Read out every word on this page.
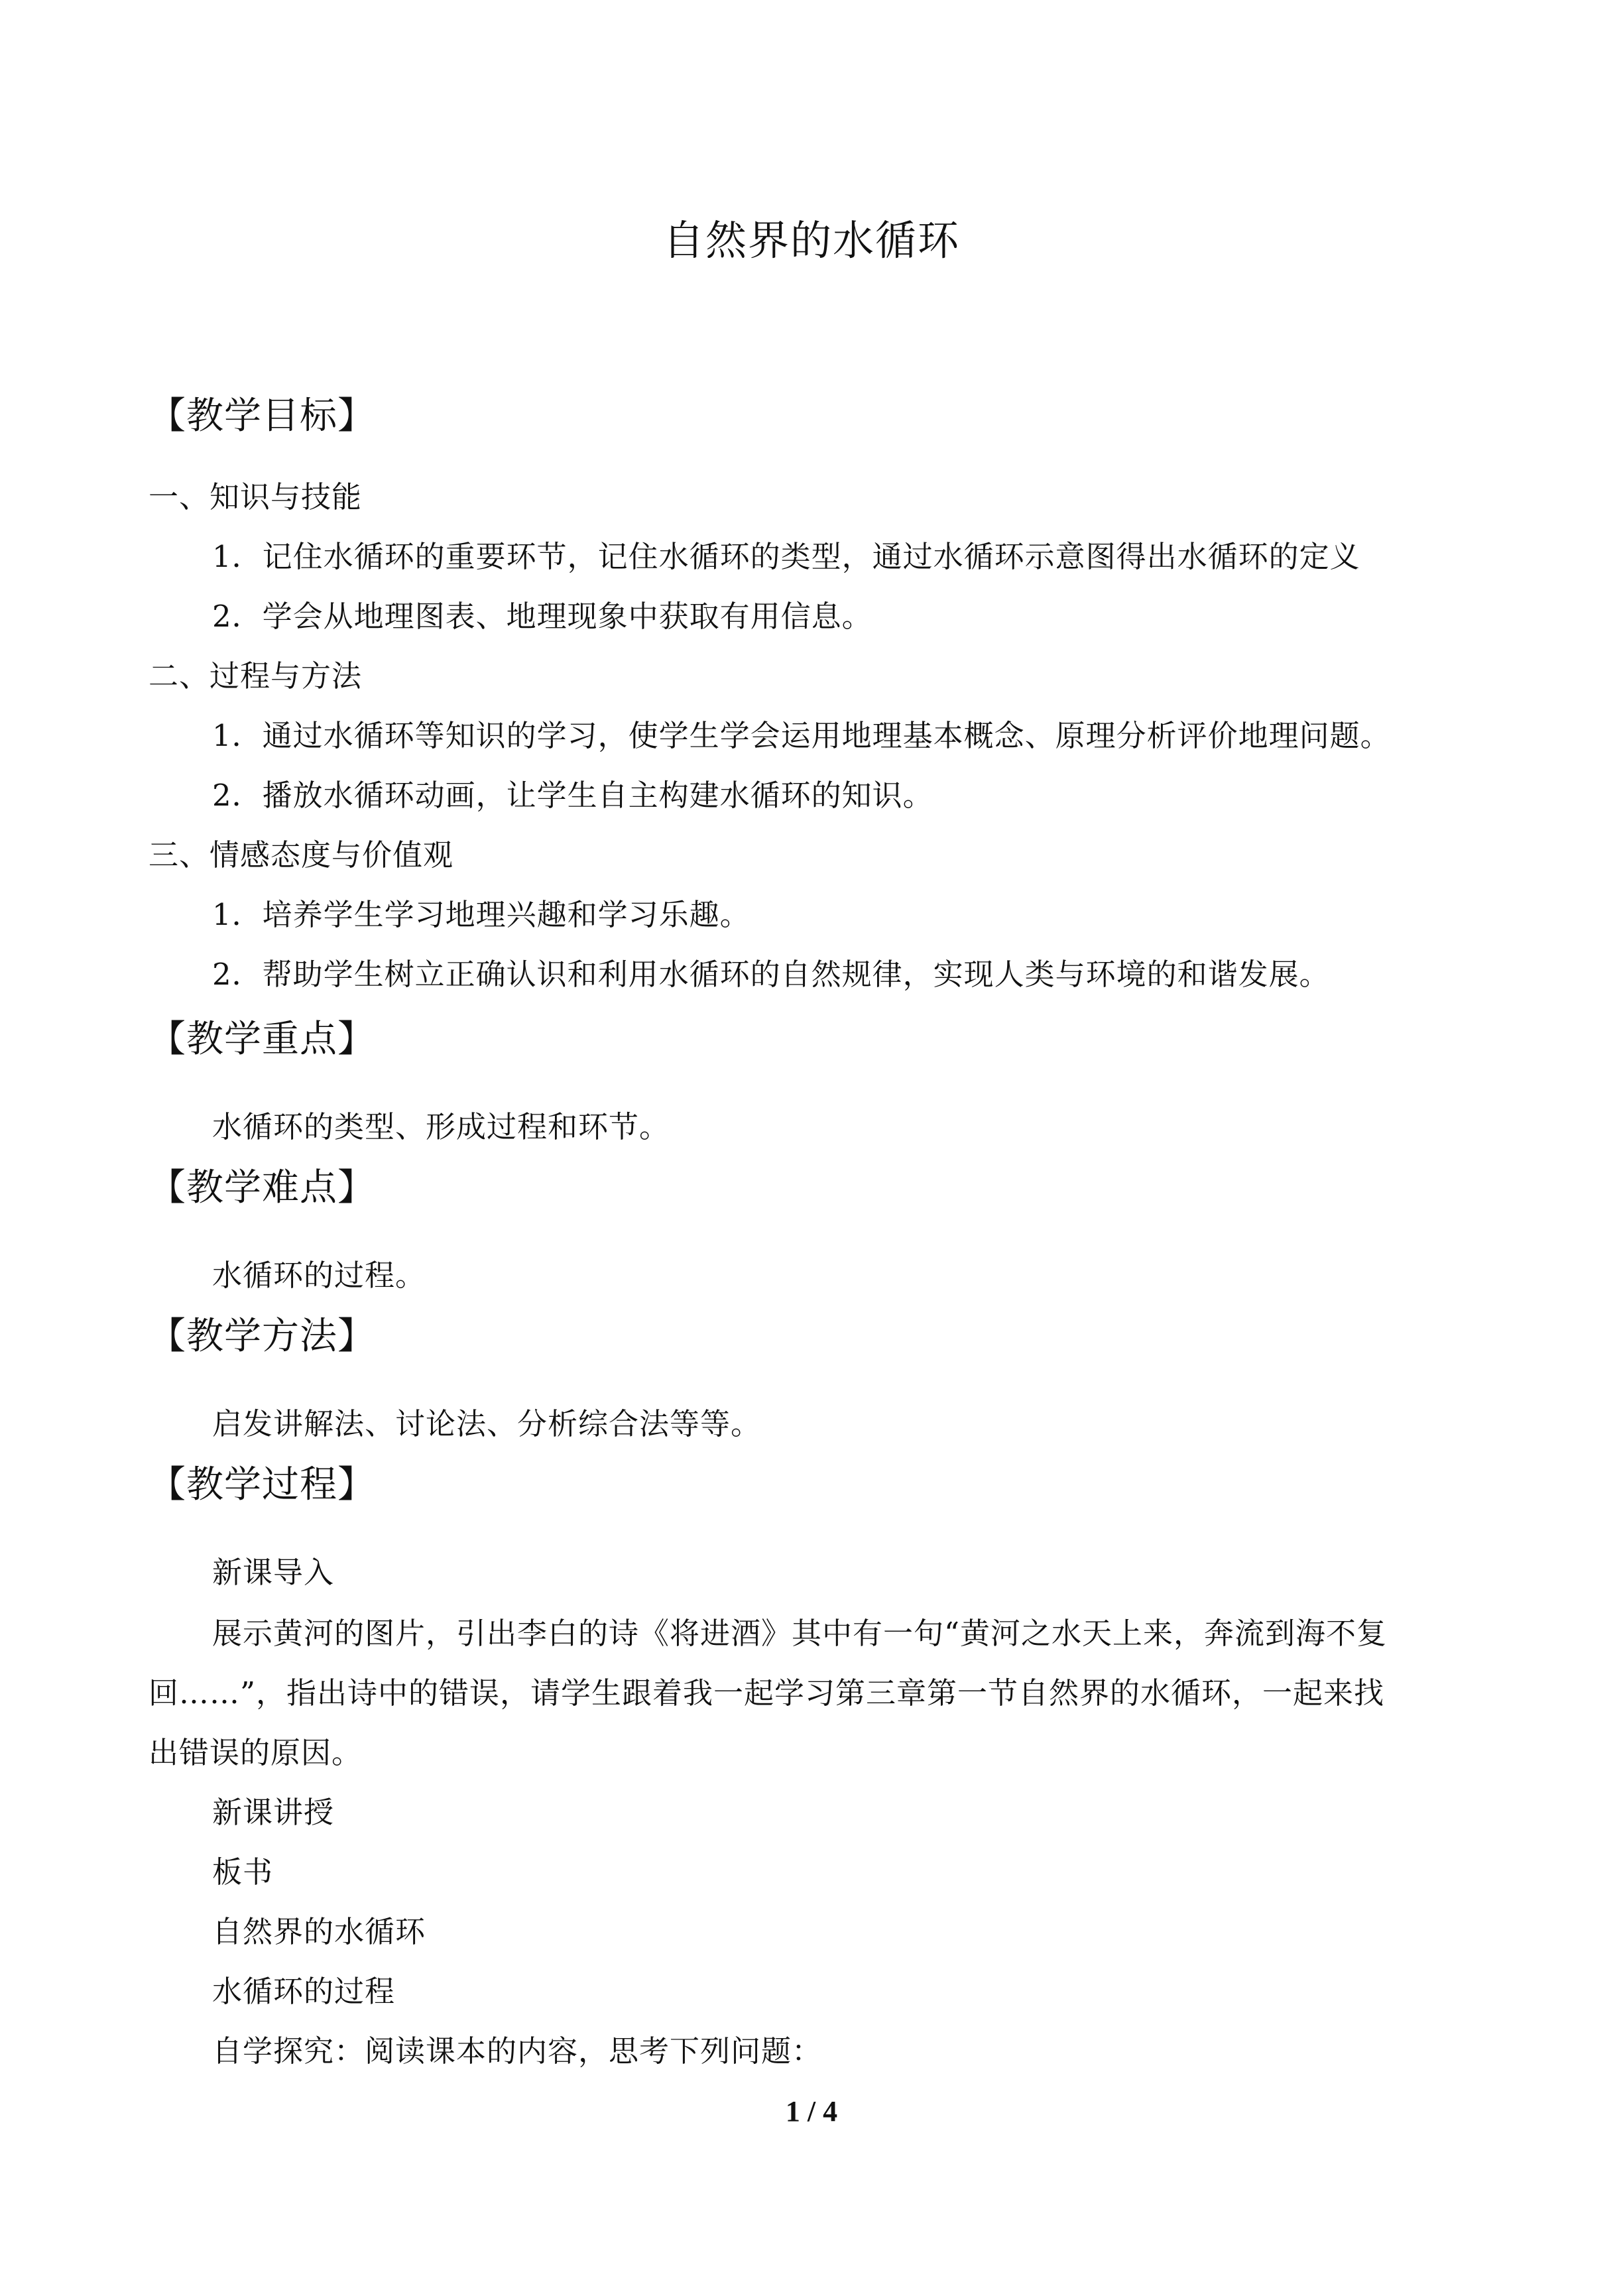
自然界的水循环
【教学目标】
一、知识与技能
1．记住水循环的重要环节，记住水循环的类型，通过水循环示意图得出水循环的定义
2．学会从地理图表、地理现象中获取有用信息。
二、过程与方法
1．通过水循环等知识的学习，使学生学会运用地理基本概念、原理分析评价地理问题。
2．播放水循环动画，让学生自主构建水循环的知识。
三、情感态度与价值观
1．培养学生学习地理兴趣和学习乐趣。
2．帮助学生树立正确认识和利用水循环的自然规律，实现人类与环境的和谐发展。
【教学重点】
水循环的类型、形成过程和环节。
【教学难点】
水循环的过程。
【教学方法】
启发讲解法、讨论法、分析综合法等等。
【教学过程】
新课导入
展示黄河的图片，引出李白的诗《将进酒》其中有一句“黄河之水天上来，奔流到海不复
回……”，指出诗中的错误，请学生跟着我一起学习第三章第一节自然界的水循环，一起来找
出错误的原因。
新课讲授
板书
自然界的水循环
水循环的过程
自学探究：阅读课本的内容，思考下列问题：
1 / 4
